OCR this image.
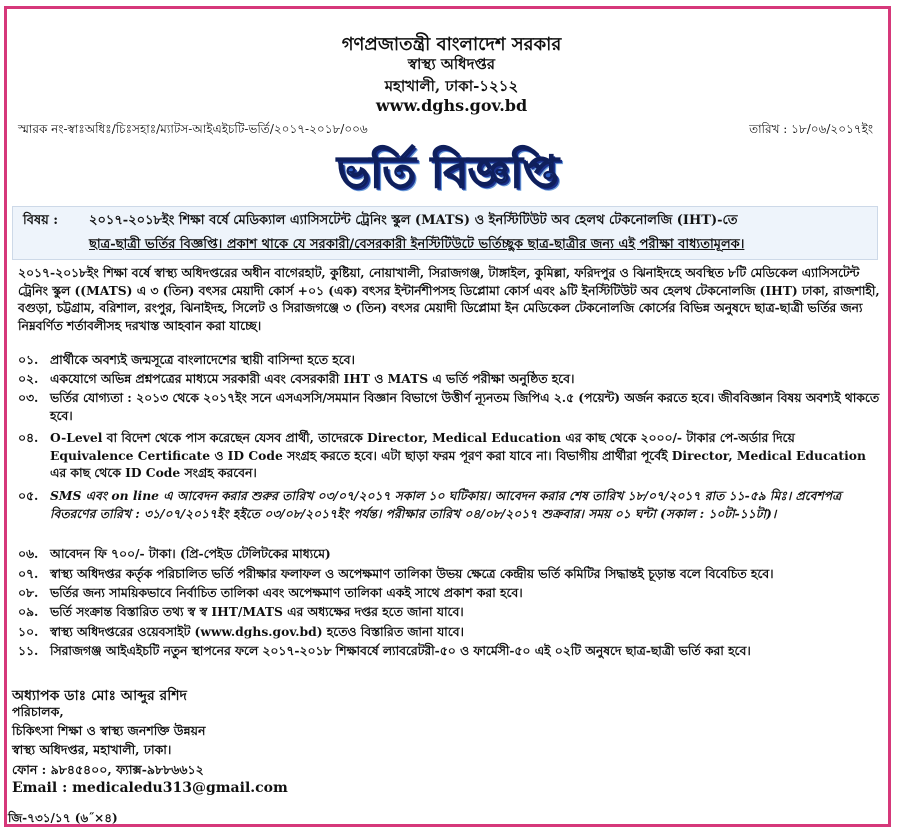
গণপ্রজাতন্ত্রী বাংলাদেশ সরকার
স্বাস্থ্য অধিদপ্তর
মহাখালী, ঢাকা-১২১২
www.dghs.gov.bd
স্মারক নং-স্বাঃঅধিঃ/চিঃসহাঃ/ম্যাটস-আইএইচটি-ভর্তি/২০১৭-২০১৮/০০৬	তারিখ : ১৮/০৬/২০১৭ইং
ভর্তি বিজ্ঞপ্তি
বিষয় : ২০১৭-২০১৮ইং শিক্ষা বর্ষে মেডিক্যাল এ্যাসিসটেন্ট ট্রেনিং স্কুল (MATS) ও ইনস্টিটিউট অব হেলথ টেকনোলজি (IHT)-তে
ছাত্র-ছাত্রী ভর্তির বিজ্ঞপ্তি। প্রকাশ থাকে যে সরকারী/বেসরকারী ইনস্টিটিউটে ভর্তিচ্ছুক ছাত্র-ছাত্রীর জন্য এই পরীক্ষা বাধ্যতামূলক।
২০১৭-২০১৮ইং শিক্ষা বর্ষে স্বাস্থ্য অধিদপ্তরের অধীন বাগেরহাট, কুষ্টিয়া, নোয়াখালী, সিরাজগঞ্জ, টাঙ্গাইল, কুমিল্লা, ফরিদপুর ও ঝিনাইদহে অবস্থিত ৮টি মেডিকেল এ্যাসিসটেন্ট ট্রেনিং স্কুল ((MATS) এ ৩ (তিন) বৎসর মেয়াদী কোর্স +০১ (এক) বৎসর ইন্টার্নশীপসহ ডিপ্লোমা কোর্স এবং ৯টি ইনস্টিটিউট অব হেলথ টেকনোলজি (IHT) ঢাকা, রাজশাহী, বগুড়া, চট্টগ্রাম, বরিশাল, রংপুর, ঝিনাইদহ, সিলেট ও সিরাজগঞ্জে ৩ (তিন) বৎসর মেয়াদী ডিপ্লোমা ইন মেডিকেল টেকনোলজি কোর্সের বিভিন্ন অনুষদে ছাত্র-ছাত্রী ভর্তির জন্য নিম্নবর্ণিত শর্তাবলীসহ দরখাস্ত আহবান করা যাচ্ছে।
০১. প্রার্থীকে অবশ্যই জন্মসূত্রে বাংলাদেশের স্থায়ী বাসিন্দা হতে হবে।
০২. একযোগে অভিন্ন প্রশ্নপত্রের মাধ্যমে সরকারী এবং বেসরকারী IHT ও MATS এ ভর্তি পরীক্ষা অনুষ্ঠিত হবে।
০৩. ভর্তির যোগ্যতা : ২০১৩ থেকে ২০১৭ইং সনে এসএসসি/সমমান বিজ্ঞান বিভাগে উত্তীর্ণ ন্যূনতম জিপিএ ২.৫ (পয়েন্ট) অর্জন করতে হবে। জীববিজ্ঞান বিষয় অবশ্যই থাকতে হবে।
০৪. O-Level বা বিদেশ থেকে পাস করেছেন যেসব প্রার্থী, তাদেরকে Director, Medical Education এর কাছ থেকে ২০০০/- টাকার পে-অর্ডার দিয়ে Equivalence Certificate ও ID Code সংগ্রহ করতে হবে। এটা ছাড়া ফরম পূরণ করা যাবে না। বিভাগীয় প্রার্থীরা পূর্বেই Director, Medical Education এর কাছ থেকে ID Code সংগ্রহ করবেন।
০৫. SMS এবং on line এ আবেদন করার শুরুর তারিখ ০৩/০৭/২০১৭ সকাল ১০ ঘটিকায়। আবেদন করার শেষ তারিখ ১৮/০৭/২০১৭ রাত ১১-৫৯ মিঃ। প্রবেশপত্র বিতরণের তারিখ : ৩১/০৭/২০১৭ইং হইতে ০৩/০৮/২০১৭ইং পর্যন্ত। পরীক্ষার তারিখ ০৪/০৮/২০১৭ শুক্রবার। সময় ০১ ঘন্টা (সকাল : ১০টা-১১টা)।
০৬. আবেদন ফি ৭০০/- টাকা। (প্রি-পেইড টেলিটকের মাধ্যমে)
০৭. স্বাস্থ্য অধিদপ্তর কর্তৃক পরিচালিত ভর্তি পরীক্ষার ফলাফল ও অপেক্ষমাণ তালিকা উভয় ক্ষেত্রে কেন্দ্রীয় ভর্তি কমিটির সিদ্ধান্তই চূড়ান্ত বলে বিবেচিত হবে।
০৮. ভর্তির জন্য সাময়িকভাবে নির্বাচিত তালিকা এবং অপেক্ষমাণ তালিকা একই সাথে প্রকাশ করা হবে।
০৯. ভর্তি সংক্রান্ত বিস্তারিত তথ্য স্ব স্ব IHT/MATS এর অধ্যক্ষের দপ্তর হতে জানা যাবে।
১০. স্বাস্থ্য অধিদপ্তরের ওয়েবসাইট (www.dghs.gov.bd) হতেও বিস্তারিত জানা যাবে।
১১. সিরাজগঞ্জ আইএইচটি নতুন স্থাপনের ফলে ২০১৭-২০১৮ শিক্ষাবর্ষে ল্যাবরেটরী-৫০ ও ফার্মেসী-৫০ এই ০২টি অনুষদে ছাত্র-ছাত্রী ভর্তি করা হবে।
অধ্যাপক ডাঃ মোঃ আব্দুর রশিদ
পরিচালক,
চিকিৎসা শিক্ষা ও স্বাস্থ্য জনশক্তি উন্নয়ন
স্বাস্থ্য অধিদপ্তর, মহাখালী, ঢাকা।
ফোন : ৯৮৪৫৪০০, ফ্যাক্স-৯৮৮৬৬১২
Email : medicaledu313@gmail.com
জি-৭৩১/১৭ (৬˝×৪)
